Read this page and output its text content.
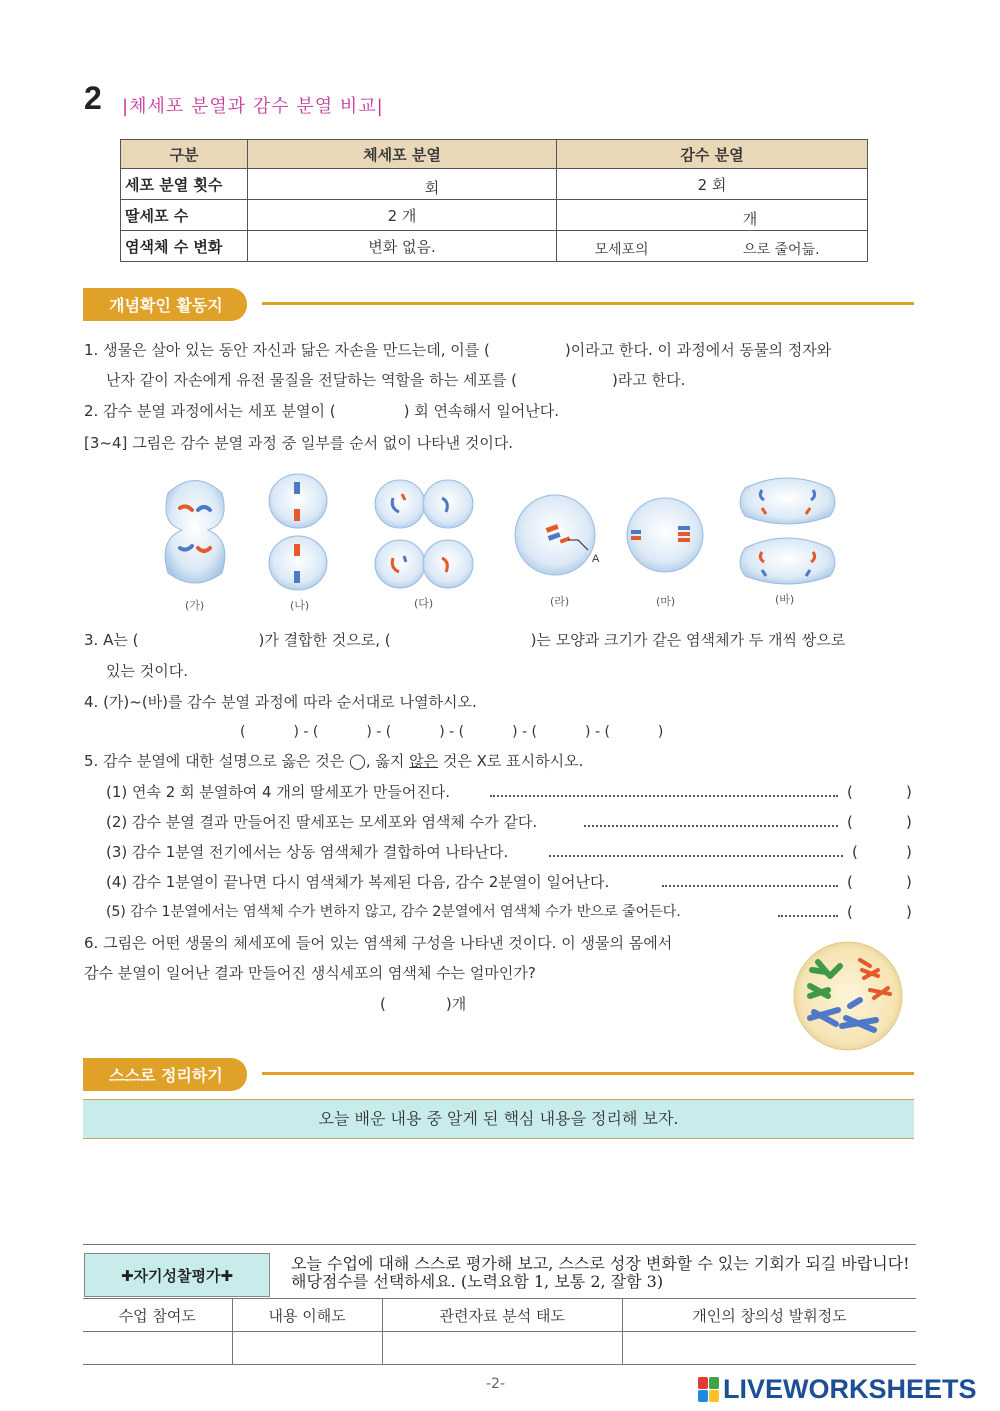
2 |체세포 분열과 감수 분열 비교|
구분	체세포 분열	감수 분열
세포 분열 횟수	회	2 회
딸세포 수	2 개	개
염색체 수 변화	변화 없음.	모세포의 으로 줄어듦.
개념확인 활동지
1. 생물은 살아 있는 동안 자신과 닮은 자손을 만드는데, 이를 (	)이라고 한다. 이 과정에서 동물의 정자와
난자 같이 자손에게 유전 물질을 전달하는 역할을 하는 세포를 (	)라고 한다.
2. 감수 분열 과정에서는 세포 분열이 (	) 회 연속해서 일어난다.
[3~4] 그림은 감수 분열 과정 중 일부를 순서 없이 나타낸 것이다.
A
(가)	(나)	(다)	(라)	(마)	(바)
3. A는 (	)가 결합한 것으로, (	)는 모양과 크기가 같은 염색체가 두 개씩 쌍으로
있는 것이다.
4. (가)~(바)를 감수 분열 과정에 따라 순서대로 나열하시오.
(	) - (	) - (	) - (	) - (	) - (	)
5. 감수 분열에 대한 설명으로 옳은 것은 ◯, 옳지 않은 것은 X로 표시하시오.
(1) 연속 2 회 분열하여 4 개의 딸세포가 만들어진다.	(	)
(2) 감수 분열 결과 만들어진 딸세포는 모세포와 염색체 수가 같다.	(	)
(3) 감수 1분열 전기에서는 상동 염색체가 결합하여 나타난다.	(	)
(4) 감수 1분열이 끝나면 다시 염색체가 복제된 다음, 감수 2분열이 일어난다.	(	)
(5) 감수 1분열에서는 염색체 수가 변하지 않고, 감수 2분열에서 염색체 수가 반으로 줄어든다.	(	)
6. 그림은 어떤 생물의 체세포에 들어 있는 염색체 구성을 나타낸 것이다. 이 생물의 몸에서
감수 분열이 일어난 결과 만들어진 생식세포의 염색체 수는 얼마인가?
(	)개
스스로 정리하기
오늘 배운 내용 중 알게 된 핵심 내용을 정리해 보자.
✚자기성찰평가✚
오늘 수업에 대해 스스로 평가해 보고, 스스로 성장 변화할 수 있는 기회가 되길 바랍니다!
해당점수를 선택하세요. (노력요함 1, 보통 2, 잘함 3)
수업 참여도	내용 이해도	관련자료 분석 태도	개인의 창의성 발휘정도

-2-	LIVEWORKSHEETS
